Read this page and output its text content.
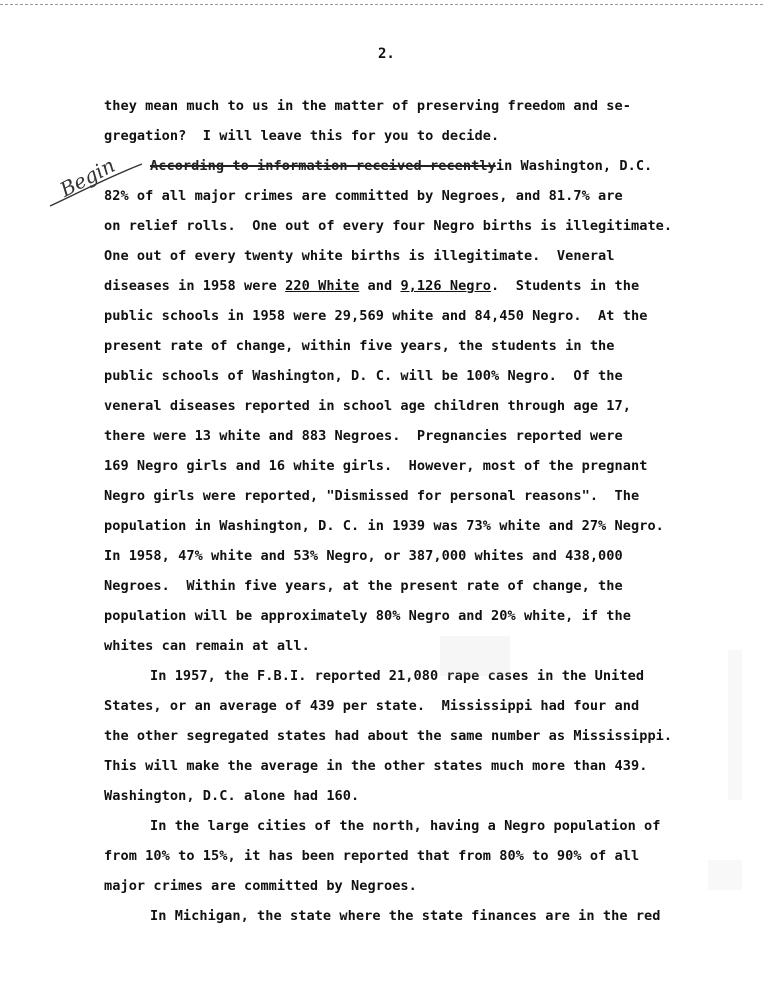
2.
Begin
they mean much to us in the matter of preserving freedom and se-
gregation?  I will leave this for you to decide.
According to information received recentlyin Washington, D.C.
82% of all major crimes are committed by Negroes, and 81.7% are
on relief rolls.  One out of every four Negro births is illegitimate.
One out of every twenty white births is illegitimate.  Veneral
diseases in 1958 were 220 White and 9,126 Negro.  Students in the
public schools in 1958 were 29,569 white and 84,450 Negro.  At the
present rate of change, within five years, the students in the
public schools of Washington, D. C. will be 100% Negro.  Of the
veneral diseases reported in school age children through age 17,
there were 13 white and 883 Negroes.  Pregnancies reported were
169 Negro girls and 16 white girls.  However, most of the pregnant
Negro girls were reported, "Dismissed for personal reasons".  The
population in Washington, D. C. in 1939 was 73% white and 27% Negro.
In 1958, 47% white and 53% Negro, or 387,000 whites and 438,000
Negroes.  Within five years, at the present rate of change, the
population will be approximately 80% Negro and 20% white, if the
whites can remain at all.
In 1957, the F.B.I. reported 21,080 rape cases in the United
States, or an average of 439 per state.  Mississippi had four and
the other segregated states had about the same number as Mississippi.
This will make the average in the other states much more than 439.
Washington, D.C. alone had 160.
In the large cities of the north, having a Negro population of
from 10% to 15%, it has been reported that from 80% to 90% of all
major crimes are committed by Negroes.
In Michigan, the state where the state finances are in the red
